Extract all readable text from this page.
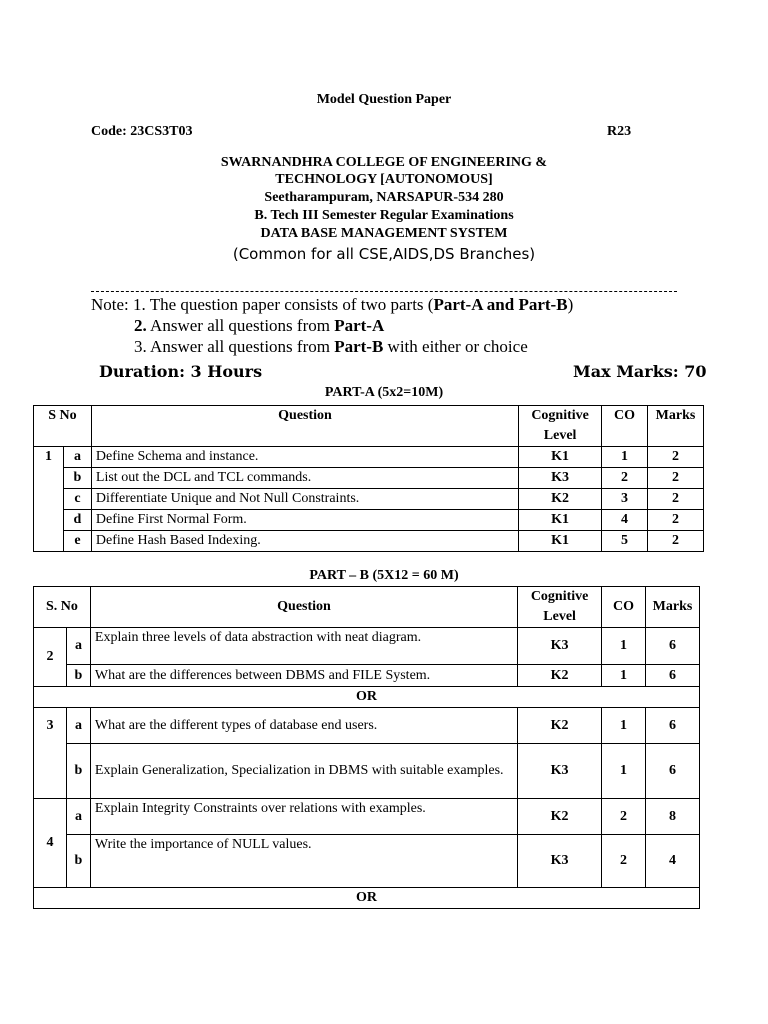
Model Question Paper
Code: 23CS3T03	R23
SWARNANDHRA COLLEGE OF ENGINEERING &
TECHNOLOGY [AUTONOMOUS]
Seetharampuram, NARSAPUR-534 280
B. Tech III Semester Regular Examinations
DATA BASE MANAGEMENT SYSTEM
(Common for all CSE,AIDS,DS Branches)
Note: 1. The question paper consists of two parts (Part-A and Part-B)
2. Answer all questions from Part-A
3. Answer all questions from Part-B with either or choice
Duration: 3 Hours	Max Marks: 70
PART-A (5x2=10M)
S No		Question	Cognitive Level	CO	Marks
1	a	Define Schema and instance.	K1	1	2
	b	List out the DCL and TCL commands.	K3	2	2
	c	Differentiate Unique and Not Null Constraints.	K2	3	2
	d	Define First Normal Form.	K1	4	2
	e	Define Hash Based Indexing.	K1	5	2
PART – B (5X12 = 60 M)
S. No		Question	Cognitive Level	CO	Marks
2	a	Explain three levels of data abstraction with neat diagram.	K3	1	6
	b	What are the differences between DBMS and FILE System.	K2	1	6
OR					
3	a	What are the different types of database end users.	K2	1	6
	b	Explain Generalization, Specialization in DBMS with suitable examples.	K3	1	6
4	a	Explain Integrity Constraints over relations with examples.	K2	2	8
	b	Write the importance of NULL values.	K3	2	4
OR					
